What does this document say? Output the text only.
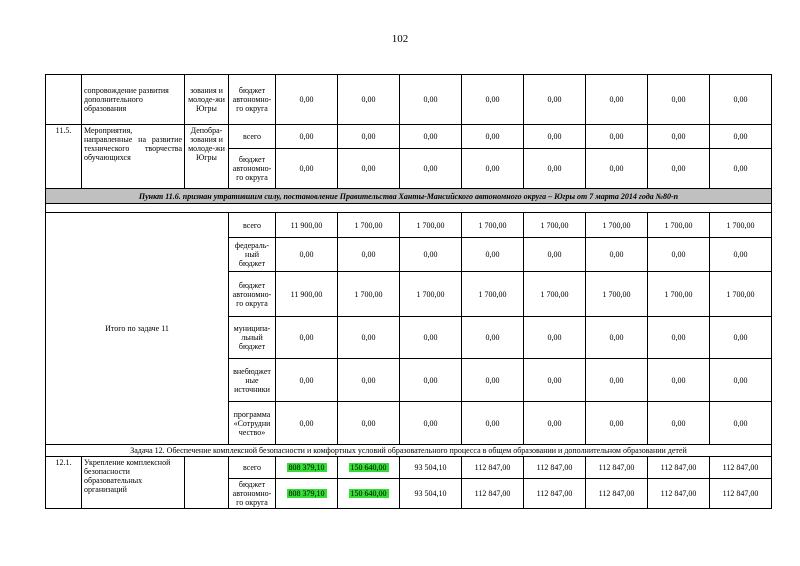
102
	сопровождение развития дополнительного образования	зования и молоде-жи Югры	бюджет автономно-го округа	0,00	0,00	0,00	0,00	0,00	0,00	0,00	0,00
11.5.	Мероприятия, направленные на развитие технического творчества обучающихся	Депобра-зования и молоде-жи Югры	всего	0,00	0,00	0,00	0,00	0,00	0,00	0,00	0,00
			бюджет автономно-го округа	0,00	0,00	0,00	0,00	0,00	0,00	0,00	0,00
Пункт 11.6. признан утратившим силу, постановление Правительства Ханты-Мансийского автономного округа – Югры от 7 марта 2014 года №80-п											

Итого по задаче 11			всего	11 900,00	1 700,00	1 700,00	1 700,00	1 700,00	1 700,00	1 700,00	1 700,00
			федераль-ный бюджет	0,00	0,00	0,00	0,00	0,00	0,00	0,00	0,00
			бюджет автономно-го округа	11 900,00	1 700,00	1 700,00	1 700,00	1 700,00	1 700,00	1 700,00	1 700,00
			муниципа-льный бюджет	0,00	0,00	0,00	0,00	0,00	0,00	0,00	0,00
			внебюджет ные источники	0,00	0,00	0,00	0,00	0,00	0,00	0,00	0,00
			программа «Сотрудни чество»	0,00	0,00	0,00	0,00	0,00	0,00	0,00	0,00
Задача 12. Обеспечение комплексной безопасности и комфортных условий образовательного процесса в общем образовании и дополнительном образовании детей											
12.1.	Укрепление комплексной безопасности образовательных организаций		всего	808 379,10	150 640,00	93 504,10	112 847,00	112 847,00	112 847,00	112 847,00	112 847,00
			бюджет автономно-го округа	808 379,10	150 640,00	93 504,10	112 847,00	112 847,00	112 847,00	112 847,00	112 847,00
